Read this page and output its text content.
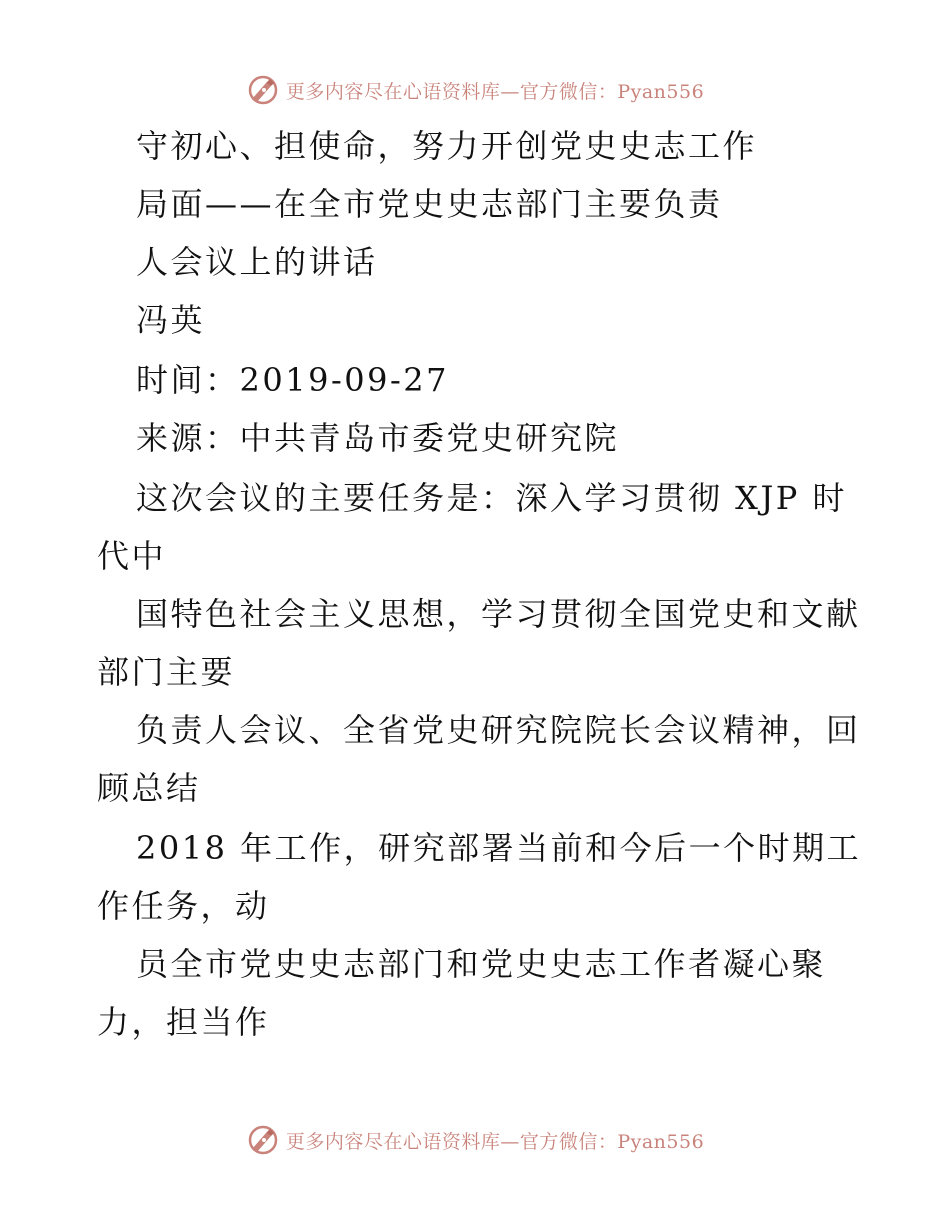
更多内容尽在心语资料库—官方微信：Pyan556
守初心、担使命，努力开创党史史志工作
局面——在全市党史史志部门主要负责
人会议上的讲话
冯英
时间：2019-09-27
来源：中共青岛市委党史研究院
这次会议的主要任务是：深入学习贯彻 XJP 时
代中
国特色社会主义思想，学习贯彻全国党史和文献
部门主要
负责人会议、全省党史研究院院长会议精神，回
顾总结
2018 年工作，研究部署当前和今后一个时期工
作任务，动
员全市党史史志部门和党史史志工作者凝心聚
力，担当作
更多内容尽在心语资料库—官方微信：Pyan556
